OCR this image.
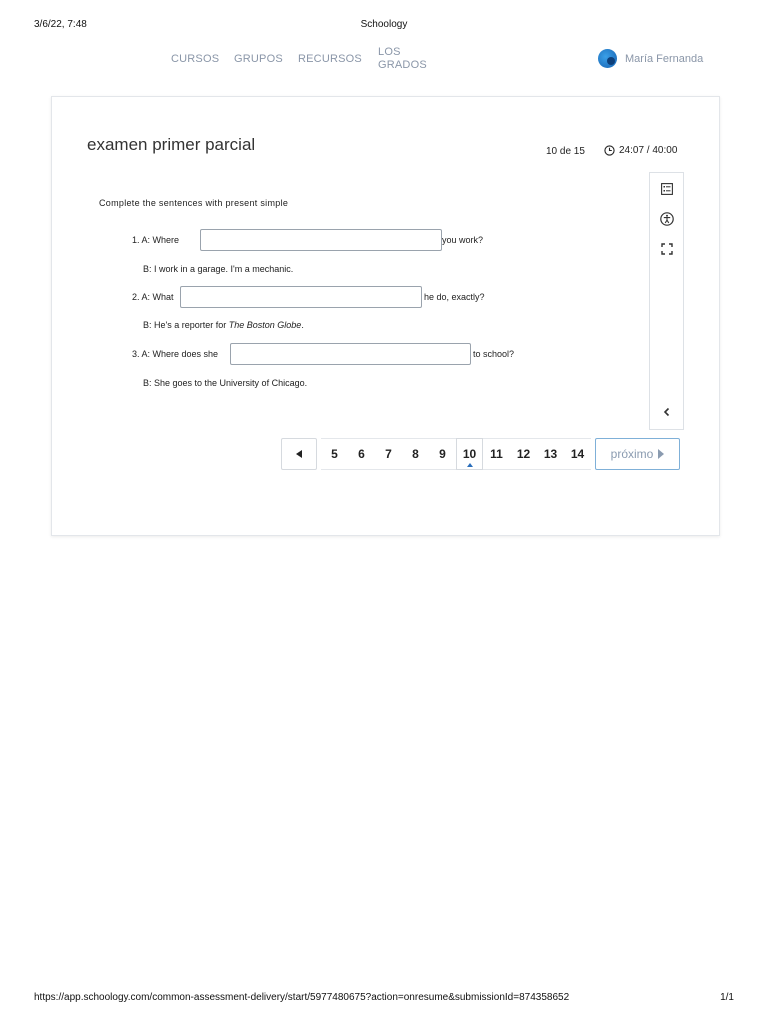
3/6/22, 7:48	Schoology
CURSOS GRUPOS RECURSOS
LOS GRADOS
María Fernanda
examen primer parcial	10 de 15	24:07 / 40:00
Complete the sentences with present simple
1. A: Where	you work?
B: I work in a garage. I'm a mechanic.
2. A: What	he do, exactly?
B: He's a reporter for The Boston Globe.
3. A: Where does she	to school?
B: She goes to the University of Chicago.
5	6	7	8	9	10	11	12	13	14	próximo
https://app.schoology.com/common-assessment-delivery/start/5977480675?action=onresume&submissionId=874358652	1/1
